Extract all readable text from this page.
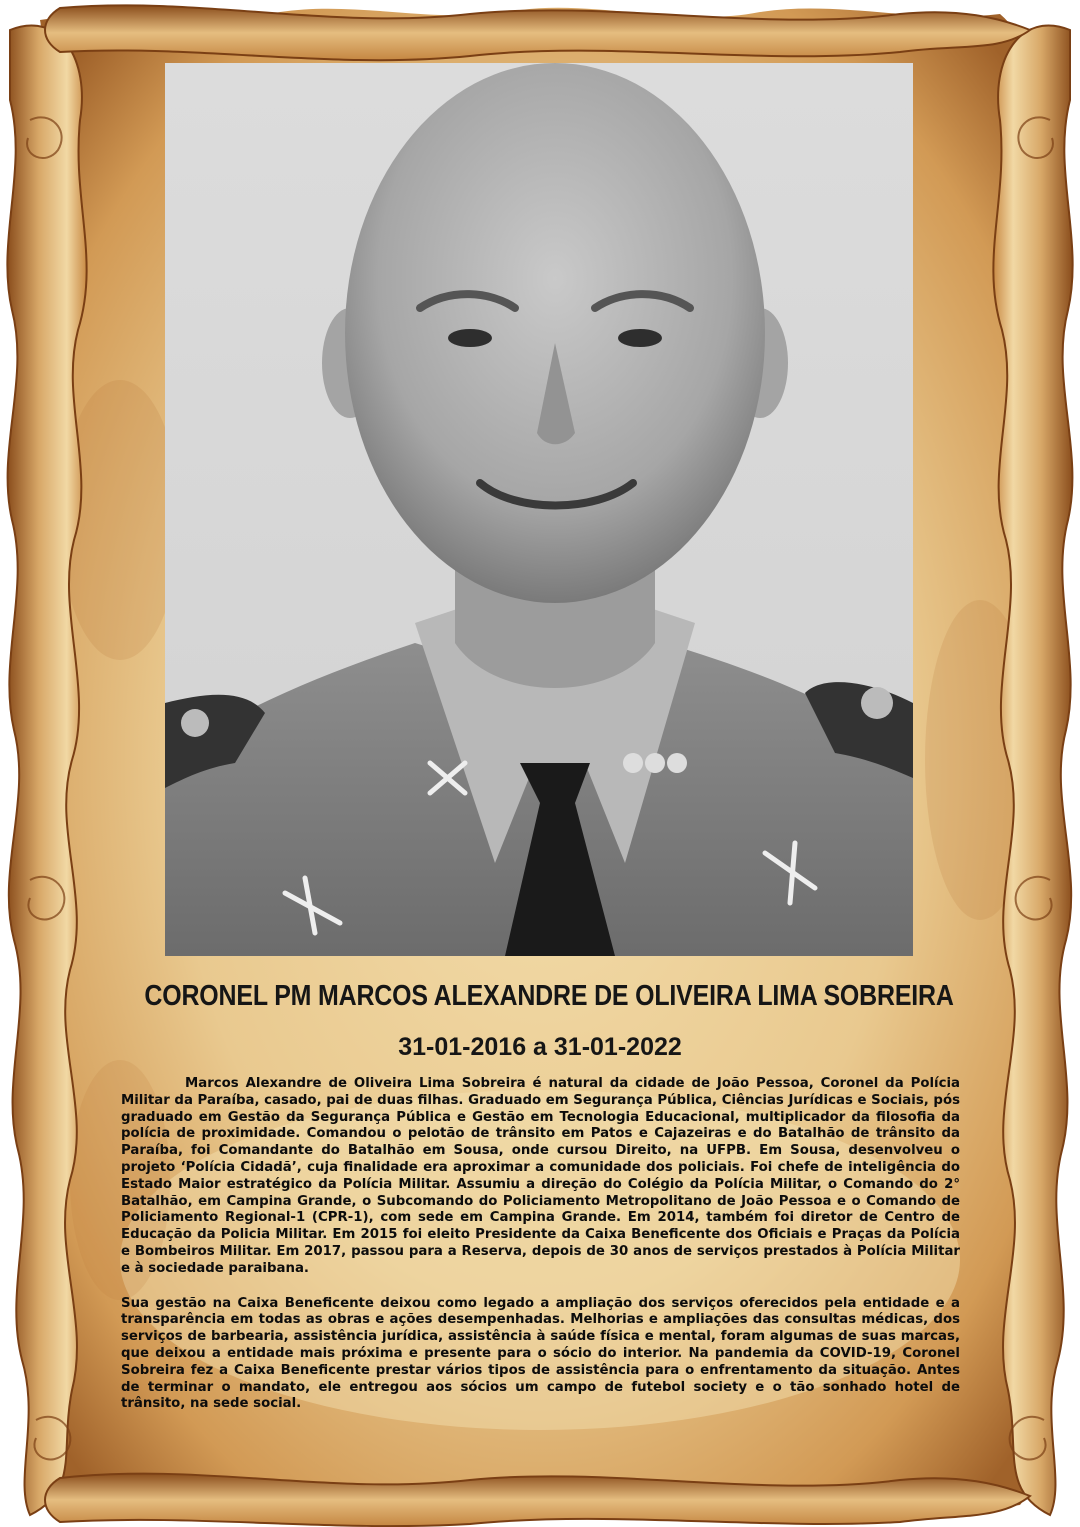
CORONEL PM MARCOS ALEXANDRE DE OLIVEIRA LIMA SOBREIRA
31-01-2016 a 31-01-2022

Marcos Alexandre de Oliveira Lima Sobreira é natural da cidade de João Pessoa, Coronel da Polícia Militar da Paraíba, casado, pai de duas filhas. Graduado em Segurança Pública, Ciências Jurídicas e Sociais, pós graduado em Gestão da Segurança Pública e Gestão em Tecnologia Educacional, multiplicador da filosofia da polícia de proximidade. Comandou o pelotão de trânsito em Patos e Cajazeiras e do Batalhão de trânsito da Paraíba, foi Comandante do Batalhão em Sousa, onde cursou Direito, na UFPB. Em Sousa, desenvolveu o projeto ‘Polícia Cidadã’, cuja finalidade era aproximar a comunidade dos policiais. Foi chefe de inteligência do Estado Maior estratégico da Polícia Militar. Assumiu a direção do Colégio da Polícia Militar, o Comando do 2° Batalhão, em Campina Grande, o Subcomando do Policiamento Metropolitano de João Pessoa e o Comando de Policiamento Regional-1 (CPR-1), com sede em Campina Grande. Em 2014, também foi diretor de Centro de Educação da Policia Militar. Em 2015 foi eleito Presidente da Caixa Beneficente dos Oficiais e Praças da Polícia e Bombeiros Militar. Em 2017, passou para a Reserva, depois de 30 anos de serviços prestados à Polícia Militar e à sociedade paraibana.

Sua gestão na Caixa Beneficente deixou como legado a ampliação dos serviços oferecidos pela entidade e a transparência em todas as obras e ações desempenhadas. Melhorias e ampliações das consultas médicas, dos serviços de barbearia, assistência jurídica, assistência à saúde física e mental, foram algumas de suas marcas, que deixou a entidade mais próxima e presente para o sócio do interior. Na pandemia da COVID-19, Coronel Sobreira fez a Caixa Beneficente prestar vários tipos de assistência para o enfrentamento da situação. Antes de terminar o mandato, ele entregou aos sócios um campo de futebol society e o tão sonhado hotel de trânsito, na sede social.
